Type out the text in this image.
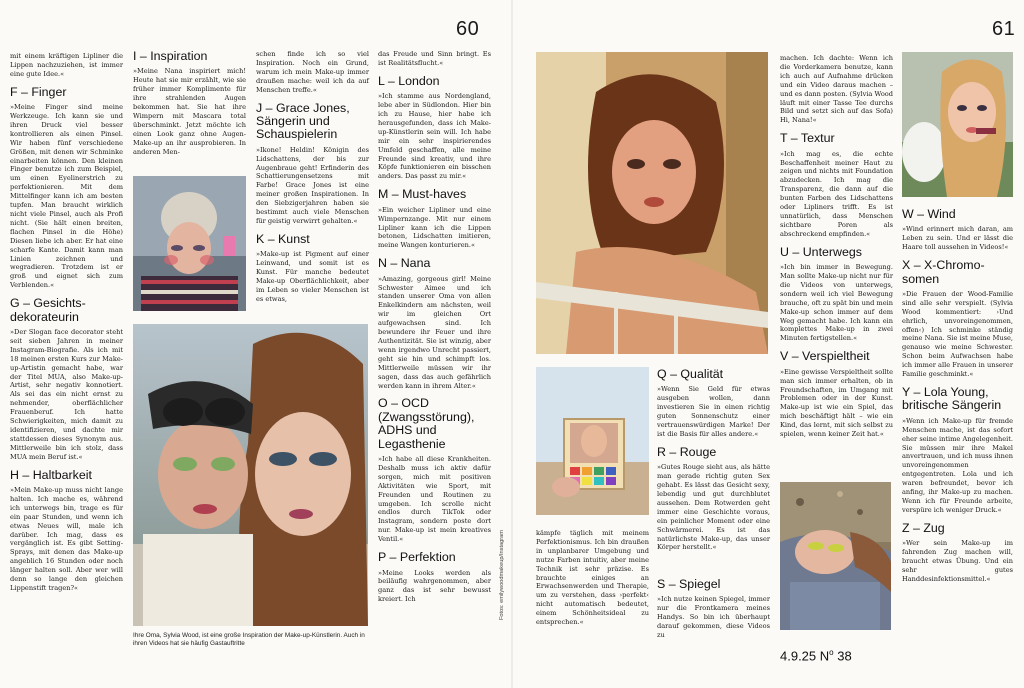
60	61

mit einem kräftigen Lipliner die Lippen nachzuziehen, ist immer eine gute Idee.«

F – Finger

»Meine Finger sind meine Werkzeuge. Ich kann sie und ihren Druck viel besser kontrollieren als einen Pinsel. Wir haben fünf verschiedene Größen, mit denen wir Schminke einarbeiten können. Den kleinen Finger benutze ich zum Beispiel, um einen Eyelinerstrich zu perfektionieren. Mit dem Mittelfinger kann ich am besten tupfen. Man braucht wirklich nicht viele Pinsel, auch als Profi nicht. (Sie hält einen breiten, flachen Pinsel in die Höhe) Diesen liebe ich aber. Er hat eine scharfe Kante. Damit kann man Linien zeichnen und wegradieren. Trotzdem ist er groß und eignet sich zum Verblenden.«

G – Gesichts-dekorateurin

»Der Slogan face decorator steht seit sieben Jahren in meiner Instagram-Biografie. Als ich mit 18 meinen ersten Kurs zur Make-up-Artistin gemacht habe, war der Titel MUA, also Make-up-Artist, sehr negativ konnotiert. Als sei das ein nicht ernst zu nehmender, oberflächlicher Frauenberuf. Ich hatte Schwierigkeiten, mich damit zu identifizieren, und dachte mir stattdessen dieses Synonym aus. Mittlerweile bin ich stolz, dass MUA mein Beruf ist.«

H – Haltbarkeit

»Mein Make-up muss nicht lange halten. Ich mache es, während ich unterwegs bin, trage es für ein paar Stunden, und wenn ich etwas Neues will, male ich darüber. Ich mag, dass es vergänglich ist. Es gibt Setting-Sprays, mit denen das Make-up angeblich 16 Stunden oder noch länger halten soll. Aber wer will denn so lange den gleichen Lippenstift tragen?«

I – Inspiration

»Meine Nana inspiriert mich! Heute hat sie mir erzählt, wie sie früher immer Komplimente für ihre strahlenden Augen bekommen hat. Sie hat ihre Wimpern mit Mascara total überschminkt. Jetzt möchte ich einen Look ganz ohne Augen-Make-up an ihr ausprobieren. In anderen Men-

schen finde ich so viel Inspiration. Noch ein Grund, warum ich mein Make-up immer draußen mache: weil ich da auf Menschen treffe.«

J – Grace Jones, Sängerin und Schauspielerin

»Ikone! Heldin! Königin des Lidschattens, der bis zur Augenbraue geht! Erfinderin des Schattierungensetzens mit Farbe! Grace Jones ist eine meiner großen Inspirationen. In den Siebzigerjahren haben sie bestimmt auch viele Menschen für geistig verwirrt gehalten.«

K – Kunst

»Make-up ist Pigment auf einer Leinwand, und somit ist es Kunst. Für manche bedeutet Make-up Oberflächlichkeit, aber im Leben so vieler Menschen ist es etwas,

Ihre Oma, Sylvia Wood, ist eine große Inspiration der Make-up-Künstlerin. Auch in ihren Videos hat sie häufig Gastauftritte

das Freude und Sinn bringt. Es ist Realitätsflucht.«

L – London

»Ich stamme aus Nordengland, lebe aber in Südlondon. Hier bin ich zu Hause, hier habe ich herausgefunden, dass ich Make-up-Künstlerin sein will. Ich habe mir ein sehr inspirierendes Umfeld geschaffen, alle meine Freunde sind kreativ, und ihre Köpfe funktionieren ein bisschen anders. Das passt zu mir.«

M – Must-haves

»Ein weicher Lipliner und eine Wimpernzange. Mit nur einem Lipliner kann ich die Lippen betonen, Lidschatten imitieren, meine Wangen konturieren.«

N – Nana

»Amazing, gorgeous girl! Meine Schwester Aimee und ich standen unserer Oma von allen Enkelkindern am nächsten, weil wir im gleichen Ort aufgewachsen sind. Ich bewundere ihr Feuer und ihre Authentizität. Sie ist winzig, aber wenn irgendwo Unrecht passiert, geht sie hin und schimpft los. Mittlerweile müssen wir ihr sagen, dass das auch gefährlich werden kann in ihrem Alter.«

O – OCD (Zwangsstörung), ADHS und Legasthenie

»Ich habe all diese Krankheiten. Deshalb muss ich aktiv dafür sorgen, mich mit positiven Aktivitäten wie Sport, mit Freunden und Routinen zu umgeben. Ich scrolle nicht endlos durch TikTok oder Instagram, sondern poste dort nur. Make-up ist mein kreatives Ventil.«

P – Perfektion

»Meine Looks werden als beiläufig wahrgenommen, aber ganz das ist sehr bewusst kreiert. Ich	Fotos: emilywoodmakeup/Instagram
Q – Qualität

»Wenn Sie Geld für etwas ausgeben wollen, dann investieren Sie in einen richtig guten Sonnenschutz einer vertrauenswürdigen Marke! Der ist die Basis für alles andere.«

R – Rouge

»Gutes Rouge sieht aus, als hätte man gerade richtig guten Sex gehabt. Es lässt das Gesicht sexy, lebendig und gut durchblutet aussehen. Dem Rotwerden geht immer eine Geschichte voraus, ein peinlicher Moment oder eine Schwärmerei. Es ist das natürlichste Make-up, das unser Körper herstellt.«

kämpfe täglich mit meinem Perfektionismus. Ich bin draußen in unplanbarer Umgebung und nutze Farben intuitiv, aber meine Technik ist sehr präzise. Es brauchte einiges an Erwachsenwerden und Therapie, um zu verstehen, dass ›perfekt‹ nicht automatisch bedeutet, einem Schönheitsideal zu entsprechen.«

S – Spiegel

»Ich nutze keinen Spiegel, immer nur die Frontkamera meines Handys. So bin ich überhaupt darauf gekommen, diese Videos zu

machen. Ich dachte: Wenn ich die Vorderkamera benutze, kann ich auch auf Aufnahme drücken und ein Video daraus machen – und es dann posten. (Sylvia Wood läuft mit einer Tasse Tee durchs Bild und setzt sich auf das Sofa) Hi, Nana!«

T – Textur

»Ich mag es, die echte Beschaffenheit meiner Haut zu zeigen und nichts mit Foundation abzudecken. Ich mag die Transparenz, die dann auf die bunten Farben des Lidschattens oder Lipliners trifft. Es ist unnatürlich, dass Menschen sichtbare Poren als abschreckend empfinden.«

U – Unterwegs

»Ich bin immer in Bewegung. Man sollte Make-up nicht nur für die Videos von unterwegs, sondern weil ich viel Bewegung brauche, oft zu spät bin und mein Make-up schon immer auf dem Weg gemacht habe. Ich kann ein komplettes Make-up in zwei Minuten fertigstellen.«

V – Verspieltheit

»Eine gewisse Verspieltheit sollte man sich immer erhalten, ob in Freundschaften, im Umgang mit Problemen oder in der Kunst. Make-up ist wie ein Spiel, das mich beschäftigt hält – wie ein Kind, das lernt, mit sich selbst zu spielen, wenn keiner Zeit hat.«

W – Wind

»Wind erinnert mich daran, am Leben zu sein. Und er lässt die Haare toll aussehen in Videos!«

X – X-Chromo-somen

»Die Frauen der Wood-Familie sind alle sehr verspielt. (Sylvia Wood kommentiert: ›Und ehrlich, unvoreingenommen, offen‹) Ich schminke ständig meine Nana. Sie ist meine Muse, genauso wie meine Schwester. Schon beim Aufwachsen habe ich immer alle Frauen in unserer Familie geschminkt.«

Y – Lola Young, britische Sängerin

»Wenn ich Make-up für fremde Menschen mache, ist das sofort eher seine intime Angelegenheit. Sie müssen mir ihre Makel anvertrauen, und ich muss ihnen unvoreingenommen entgegentreten. Lola und ich waren befreundet, bevor ich anfing, ihr Make-up zu machen. Wenn ich für Freunde arbeite, verspüre ich weniger Druck.«

Z – Zug

»Wer sein Make-up im fahrenden Zug machen will, braucht etwas Übung. Und ein sehr gutes Handdesinfektionsmittel.«

4.9.25 $N^o$ 38
